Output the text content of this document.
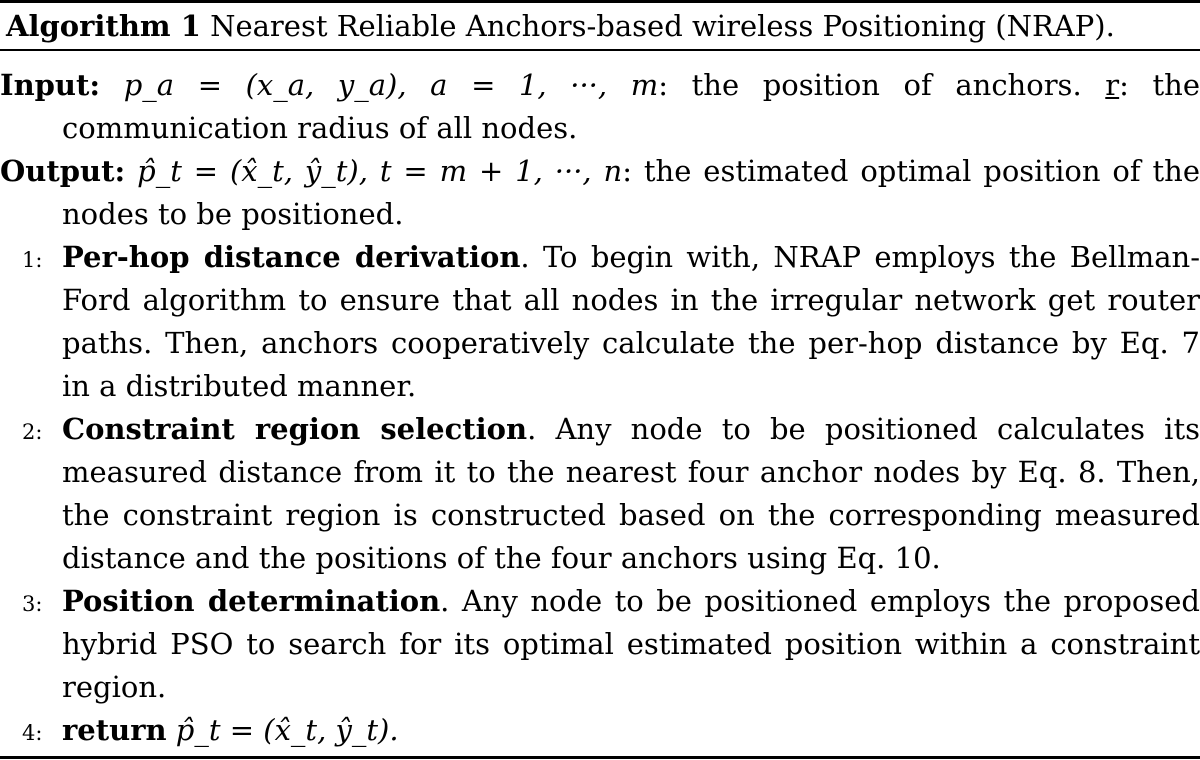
Algorithm 1 Nearest Reliable Anchors-based wireless Positioning (NRAP).
Input: p_a = (x_a, y_a), a = 1, ···, m: the position of anchors. r: the communication radius of all nodes.
Output: p̂_t = (x̂_t, ŷ_t), t = m + 1, ···, n: the estimated optimal position of the nodes to be positioned.
1: Per-hop distance derivation. To begin with, NRAP employs the Bellman-Ford algorithm to ensure that all nodes in the irregular network get router paths. Then, anchors cooperatively calculate the per-hop distance by Eq. 7 in a distributed manner.
2: Constraint region selection. Any node to be positioned calculates its measured distance from it to the nearest four anchor nodes by Eq. 8. Then, the constraint region is constructed based on the corresponding measured distance and the positions of the four anchors using Eq. 10.
3: Position determination. Any node to be positioned employs the proposed hybrid PSO to search for its optimal estimated position within a constraint region.
4: return p̂_t = (x̂_t, ŷ_t).
